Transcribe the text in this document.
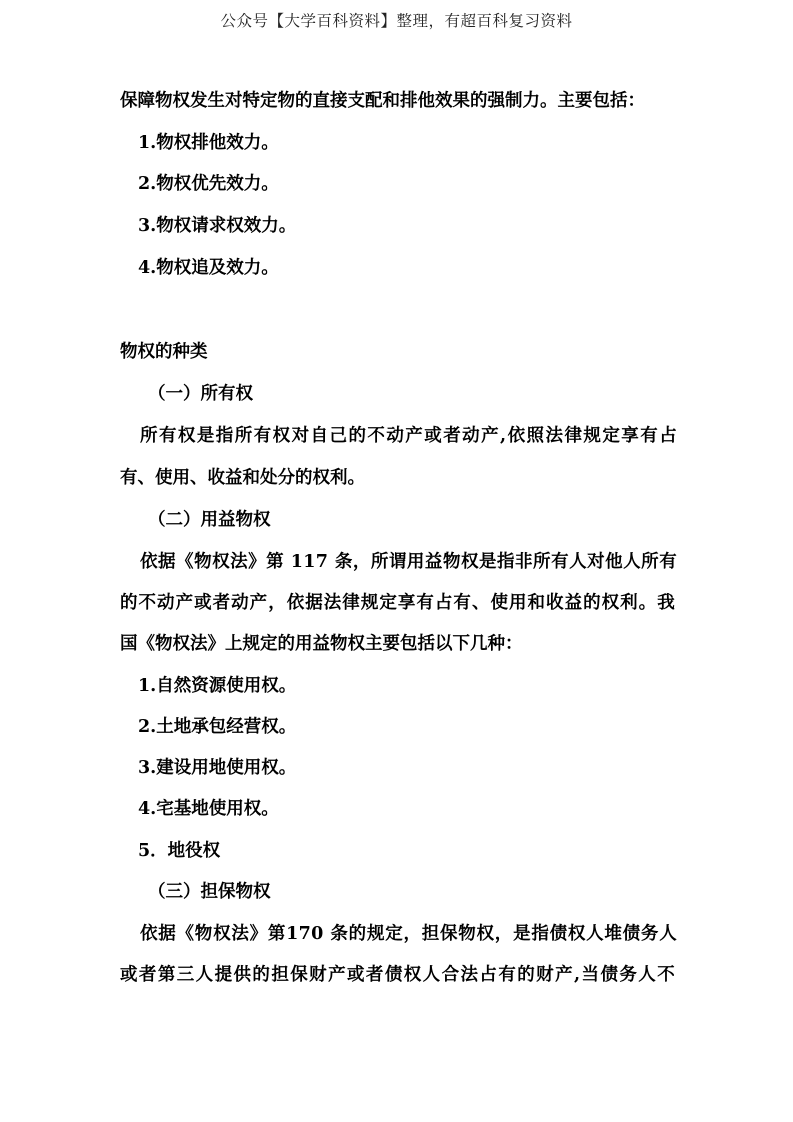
公众号【大学百科资料】整理，有超百科复习资料
保障物权发生对特定物的直接支配和排他效果的强制力。主要包括：
1.物权排他效力。
2.物权优先效力。
3.物权请求权效力。
4.物权追及效力。
物权的种类
（一）所有权
所有权是指所有权对自己的不动产或者动产,依照法律规定享有占
有、使用、收益和处分的权利。
（二）用益物权
依据《物权法》第 117 条，所谓用益物权是指非所有人对他人所有
的不动产或者动产，依据法律规定享有占有、使用和收益的权利。我
国《物权法》上规定的用益物权主要包括以下几种：
1.自然资源使用权。
2.土地承包经营权。
3.建设用地使用权。
4.宅基地使用权。
5．地役权
（三）担保物权
依据《物权法》第170 条的规定，担保物权，是指债权人堆债务人
或者第三人提供的担保财产或者债权人合法占有的财产,当债务人不
